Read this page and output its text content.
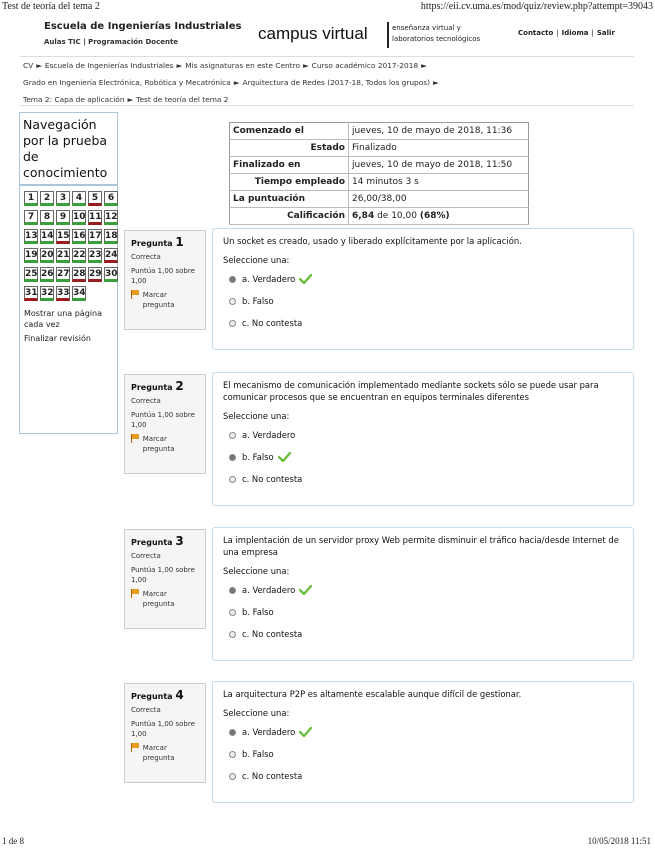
Test de teoría del tema 2	https://eii.cv.uma.es/mod/quiz/review.php?attempt=39043
Escuela de Ingenierías Industriales
Aulas TIC | Programación Docente	campus virtual	enseñanza virtual y laboratorios tecnológicos
Contacto | Idioma | Salir
CV ► Escuela de Ingenierías Industriales ► Mis asignaturas en este Centro ► Curso académico 2017-2018 ►
Grado en Ingeniería Electrónica, Robótica y Mecatrónica ► Arquitectura de Redes (2017-18, Todos los grupos) ►
Tema 2: Capa de aplicación ► Test de teoría del tema 2
Navegación por la prueba de conocimiento
1	2	3	4	5	6
7	8	9 10 11 12
13 14 15 16 17 18
19 20 21 22 23 24
25 26 27 28 29 30
31 32 33 34
Mostrar una página cada vez
Finalizar revisión
Comenzado el	jueves, 10 de mayo de 2018, 11:36
Estado	Finalizado
Finalizado en	jueves, 10 de mayo de 2018, 11:50
Tiempo empleado	14 minutos 3 s
La puntuación	26,00/38,00
Calificación	6,84 de 10,00 (68%)
Pregunta 1
Correcta
Puntúa 1,00 sobre 1,00
Marcar pregunta
Un socket es creado, usado y liberado explícitamente por la aplicación.
Seleccione una:
a. Verdadero
b. Falso
c. No contesta
Pregunta 2
Correcta
Puntúa 1,00 sobre 1,00
Marcar pregunta
El mecanismo de comunicación implementado mediante sockets sólo se puede usar para comunicar procesos que se encuentran en equipos terminales diferentes
Seleccione una:
a. Verdadero
b. Falso
c. No contesta
Pregunta 3
Correcta
Puntúa 1,00 sobre 1,00
Marcar pregunta
La implentación de un servidor proxy Web permite disminuir el tráfico hacia/desde Internet de una empresa
Seleccione una:
a. Verdadero
b. Falso
c. No contesta
Pregunta 4
Correcta
Puntúa 1,00 sobre 1,00
Marcar pregunta
La arquitectura P2P es altamente escalable aunque difícil de gestionar.
Seleccione una:
a. Verdadero
b. Falso
c. No contesta
1 de 8	10/05/2018 11:51
